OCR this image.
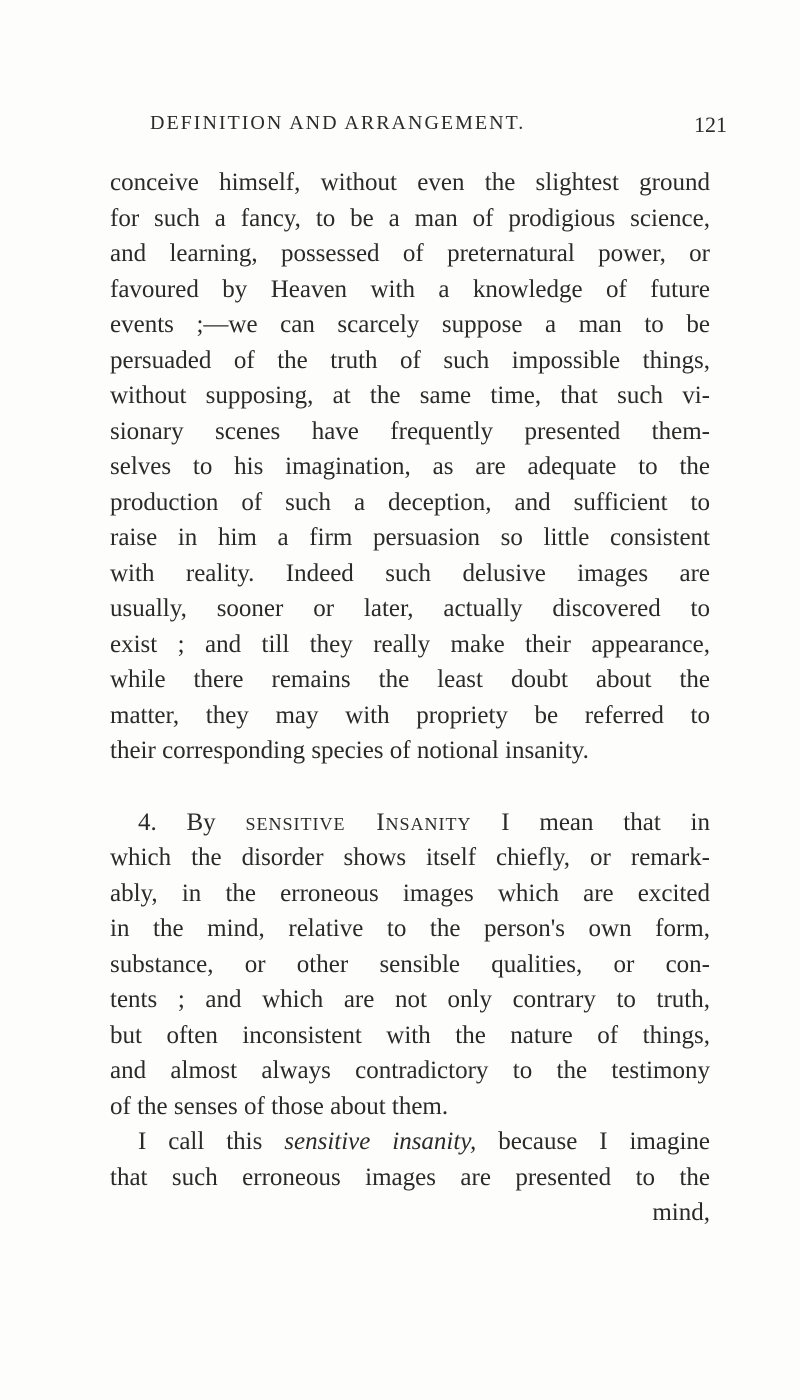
DEFINITION AND ARRANGEMENT.	121
conceive himself, without even the slightest ground
for such a fancy, to be a man of prodigious science,
and learning, possessed of preternatural power, or
favoured by Heaven with a knowledge of future
events ;—we can scarcely suppose a man to be
persuaded of the truth of such impossible things,
without supposing, at the same time, that such vi-
sionary scenes have frequently presented them-
selves to his imagination, as are adequate to the
production of such a deception, and sufficient to
raise in him a firm persuasion so little consistent
with reality. Indeed such delusive images are
usually, sooner or later, actually discovered to
exist ; and till they really make their appearance,
while there remains the least doubt about the
matter, they may with propriety be referred to
their corresponding species of notional insanity.
4. By sensitive Insanity I mean that in
which the disorder shows itself chiefly, or remark-
ably, in the erroneous images which are excited
in the mind, relative to the person's own form,
substance, or other sensible qualities, or con-
tents ; and which are not only contrary to truth,
but often inconsistent with the nature of things,
and almost always contradictory to the testimony
of the senses of those about them.
I call this sensitive insanity, because I imagine
that such erroneous images are presented to the
mind,
